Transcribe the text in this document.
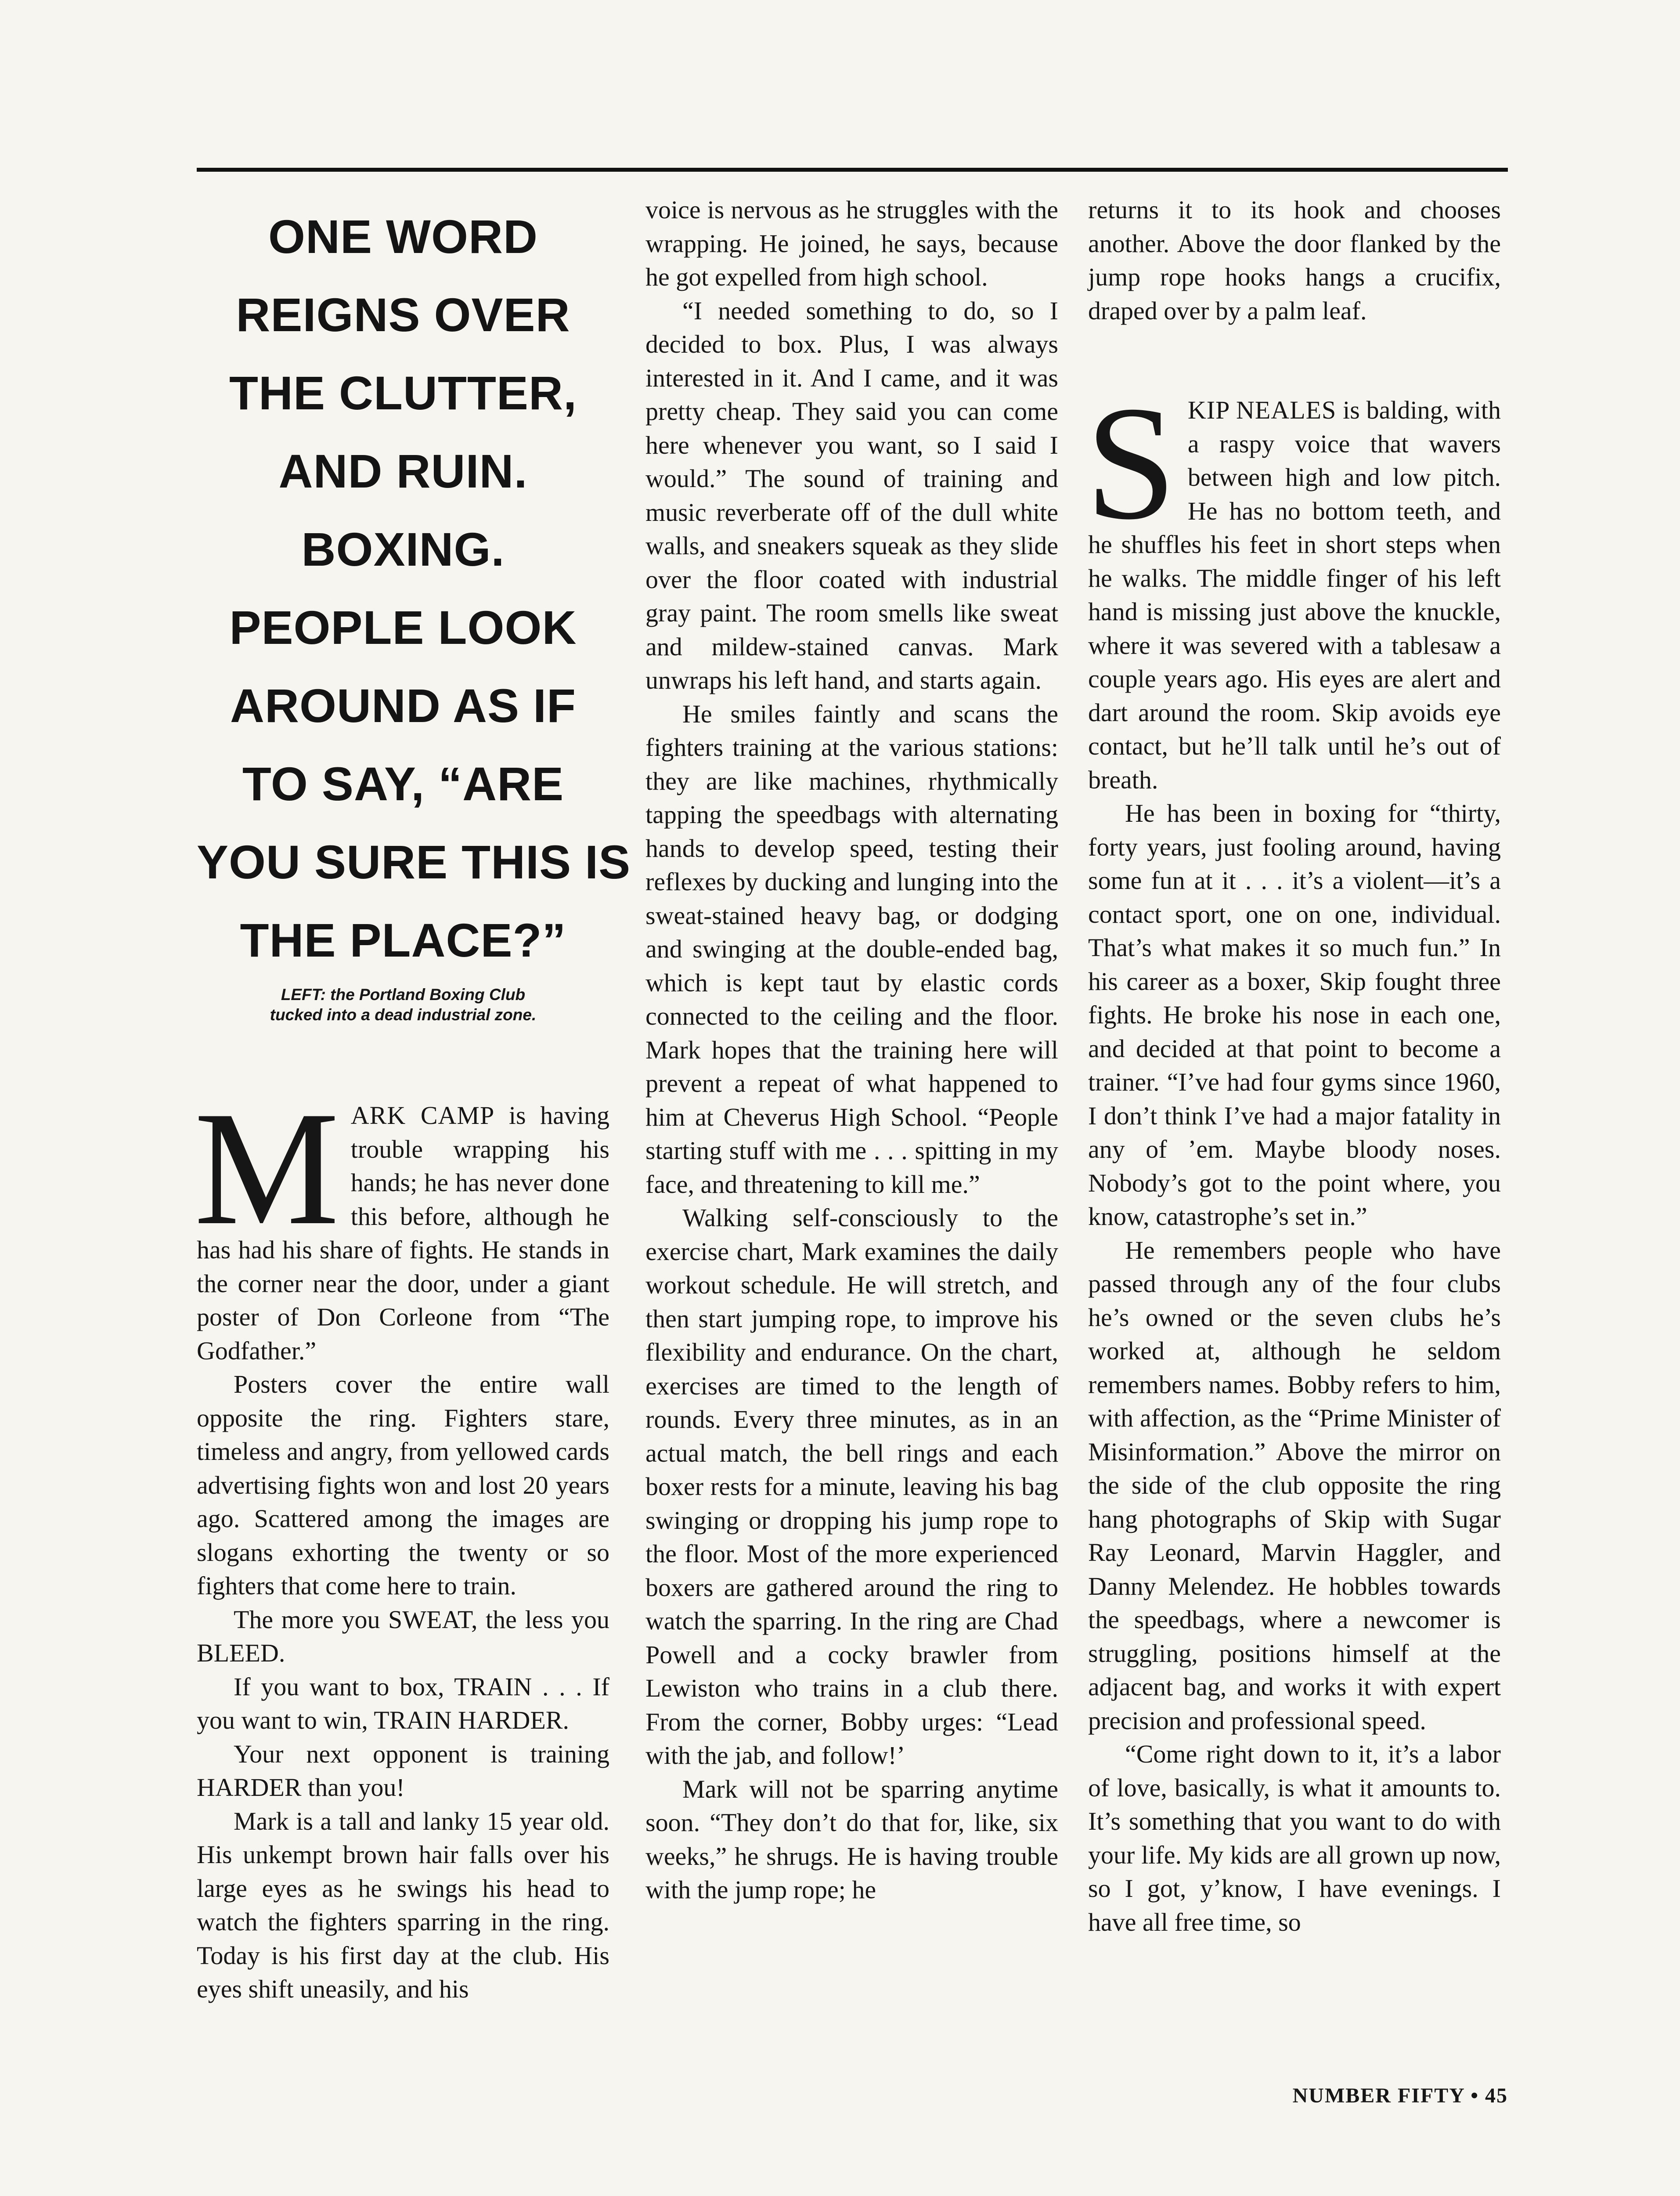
ONE WORD
REIGNS OVER
THE CLUTTER,
AND RUIN.
BOXING.
PEOPLE LOOK
AROUND AS IF
TO SAY, “ARE
YOU SURE THIS IS
THE PLACE?”
LEFT: the Portland Boxing Club
tucked into a dead industrial zone.

MARK CAMP is having trouble wrapping his hands; he has never done this before, although he has had his share of fights. He stands in the corner near the door, under a giant poster of Don Corleone from “The Godfather.”

Posters cover the entire wall opposite the ring. Fighters stare, timeless and angry, from yellowed cards advertising fights won and lost 20 years ago. Scattered among the images are slogans exhorting the twenty or so fighters that come here to train.

The more you SWEAT, the less you BLEED.

If you want to box, TRAIN . . . If you want to win, TRAIN HARDER.

Your next opponent is training HARDER than you!

Mark is a tall and lanky 15 year old. His unkempt brown hair falls over his large eyes as he swings his head to watch the fighters sparring in the ring. Today is his first day at the club. His eyes shift uneasily, and his

voice is nervous as he struggles with the wrapping. He joined, he says, because he got expelled from high school.

“I needed something to do, so I decided to box. Plus, I was always interested in it. And I came, and it was pretty cheap. They said you can come here whenever you want, so I said I would.” The sound of training and music reverberate off of the dull white walls, and sneakers squeak as they slide over the floor coated with industrial gray paint. The room smells like sweat and mildew-stained canvas. Mark unwraps his left hand, and starts again.

He smiles faintly and scans the fighters training at the various stations: they are like machines, rhythmically tapping the speedbags with alternating hands to develop speed, testing their reflexes by ducking and lunging into the sweat-stained heavy bag, or dodging and swinging at the double-ended bag, which is kept taut by elastic cords connected to the ceiling and the floor. Mark hopes that the training here will prevent a repeat of what happened to him at Cheverus High School. “People starting stuff with me . . . spitting in my face, and threatening to kill me.”

Walking self-consciously to the exercise chart, Mark examines the daily workout schedule. He will stretch, and then start jumping rope, to improve his flexibility and endurance. On the chart, exercises are timed to the length of rounds. Every three minutes, as in an actual match, the bell rings and each boxer rests for a minute, leaving his bag swinging or dropping his jump rope to the floor. Most of the more experienced boxers are gathered around the ring to watch the sparring. In the ring are Chad Powell and a cocky brawler from Lewiston who trains in a club there. From the corner, Bobby urges: “Lead with the jab, and follow!’

Mark will not be sparring anytime soon. “They don’t do that for, like, six weeks,” he shrugs. He is having trouble with the jump rope; he

returns it to its hook and chooses another. Above the door flanked by the jump rope hooks hangs a crucifix, draped over by a palm leaf.

SKIP NEALES is balding, with a raspy voice that wavers between high and low pitch. He has no bottom teeth, and he shuffles his feet in short steps when he walks. The middle finger of his left hand is missing just above the knuckle, where it was severed with a tablesaw a couple years ago. His eyes are alert and dart around the room. Skip avoids eye contact, but he’ll talk until he’s out of breath.

He has been in boxing for “thirty, forty years, just fooling around, having some fun at it . . . it’s a violent—it’s a contact sport, one on one, individual. That’s what makes it so much fun.” In his career as a boxer, Skip fought three fights. He broke his nose in each one, and decided at that point to become a trainer. “I’ve had four gyms since 1960, I don’t think I’ve had a major fatality in any of ’em. Maybe bloody noses. Nobody’s got to the point where, you know, catastrophe’s set in.”

He remembers people who have passed through any of the four clubs he’s owned or the seven clubs he’s worked at, although he seldom remembers names. Bobby refers to him, with affection, as the “Prime Minister of Misinformation.” Above the mirror on the side of the club opposite the ring hang photographs of Skip with Sugar Ray Leonard, Marvin Haggler, and Danny Melendez. He hobbles towards the speedbags, where a newcomer is struggling, positions himself at the adjacent bag, and works it with expert precision and professional speed.

“Come right down to it, it’s a labor of love, basically, is what it amounts to. It’s something that you want to do with your life. My kids are all grown up now, so I got, y’know, I have evenings. I have all free time, so

NUMBER FIFTY • 45
